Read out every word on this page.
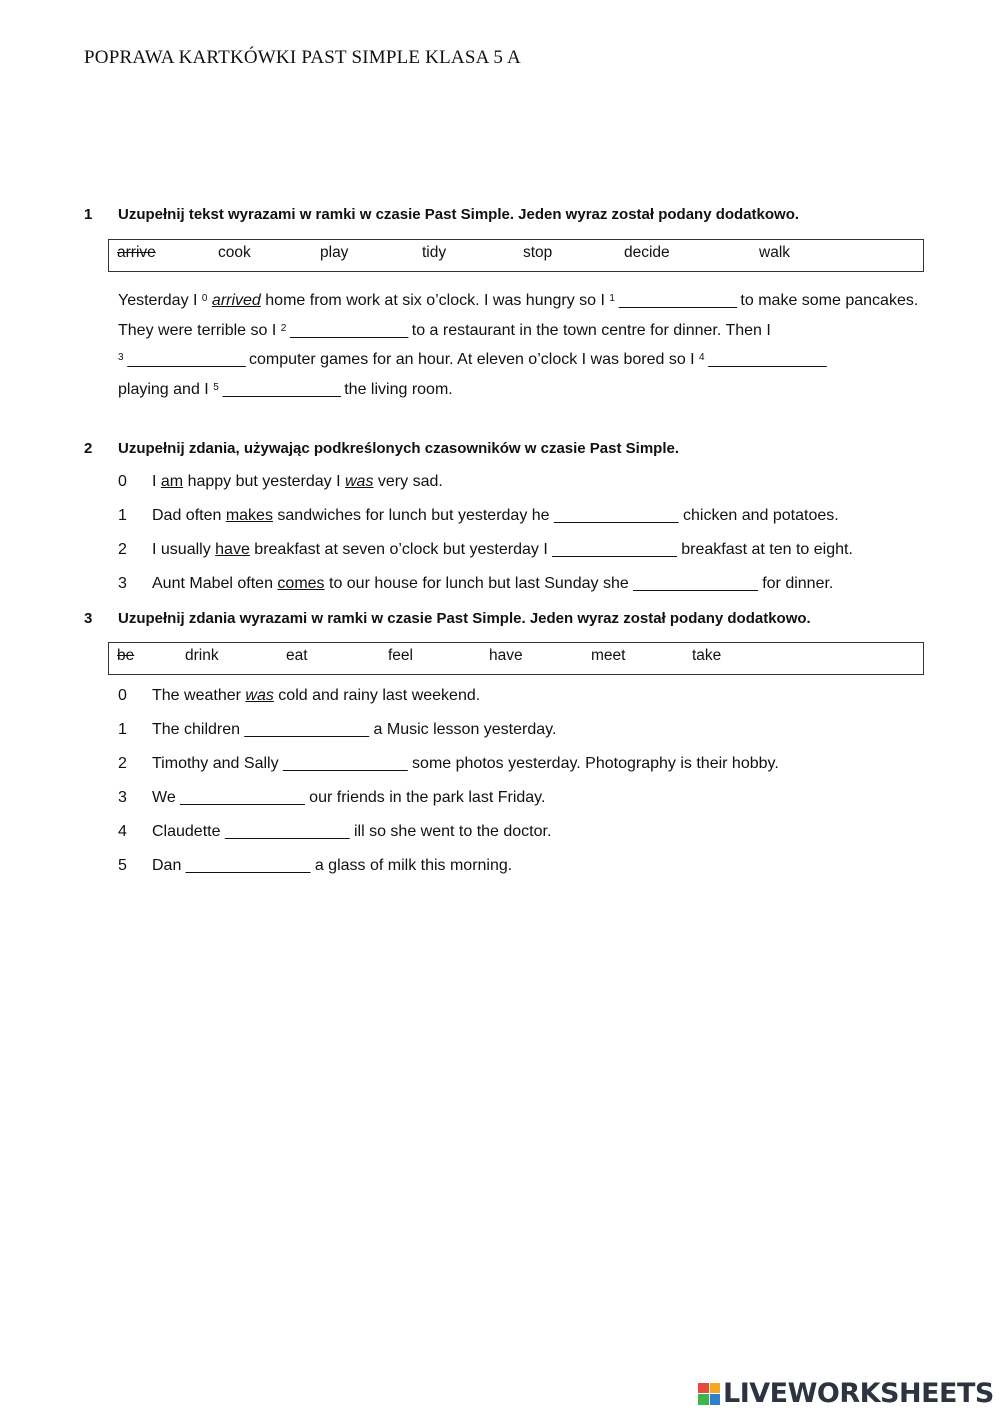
POPRAWA KARTKÓWKI PAST SIMPLE KLASA 5 A
1	Uzupełnij tekst wyrazami w ramki w czasie Past Simple. Jeden wyraz został podany dodatkowo.
arrive	cook	play	tidy	stop	decide	walk
Yesterday I $^0$ arrived home from work at six o’clock. I was hungry so I $^1$ ______________ to make some pancakes. They were terrible so I $^2$ ______________ to a restaurant in the town centre for dinner. Then I
$^3$ ______________ computer games for an hour. At eleven o’clock I was bored so I $^4$ ______________
playing and I $^5$ ______________ the living room.
2	Uzupełnij zdania, używając podkreślonych czasowników w czasie Past Simple.
0	I am happy but yesterday I was very sad.
1	Dad often makes sandwiches for lunch but yesterday he ______________ chicken and potatoes.
2	I usually have breakfast at seven o’clock but yesterday I ______________ breakfast at ten to eight.
3	Aunt Mabel often comes to our house for lunch but last Sunday she ______________ for dinner.
3	Uzupełnij zdania wyrazami w ramki w czasie Past Simple. Jeden wyraz został podany dodatkowo.
be	drink	eat	feel	have	meet	take
0	The weather was cold and rainy last weekend.
1	The children ______________ a Music lesson yesterday.
2	Timothy and Sally ______________ some photos yesterday. Photography is their hobby.
3	We ______________ our friends in the park last Friday.
4	Claudette ______________ ill so she went to the doctor.
5	Dan ______________ a glass of milk this morning.
LIVEWORKSHEETS
